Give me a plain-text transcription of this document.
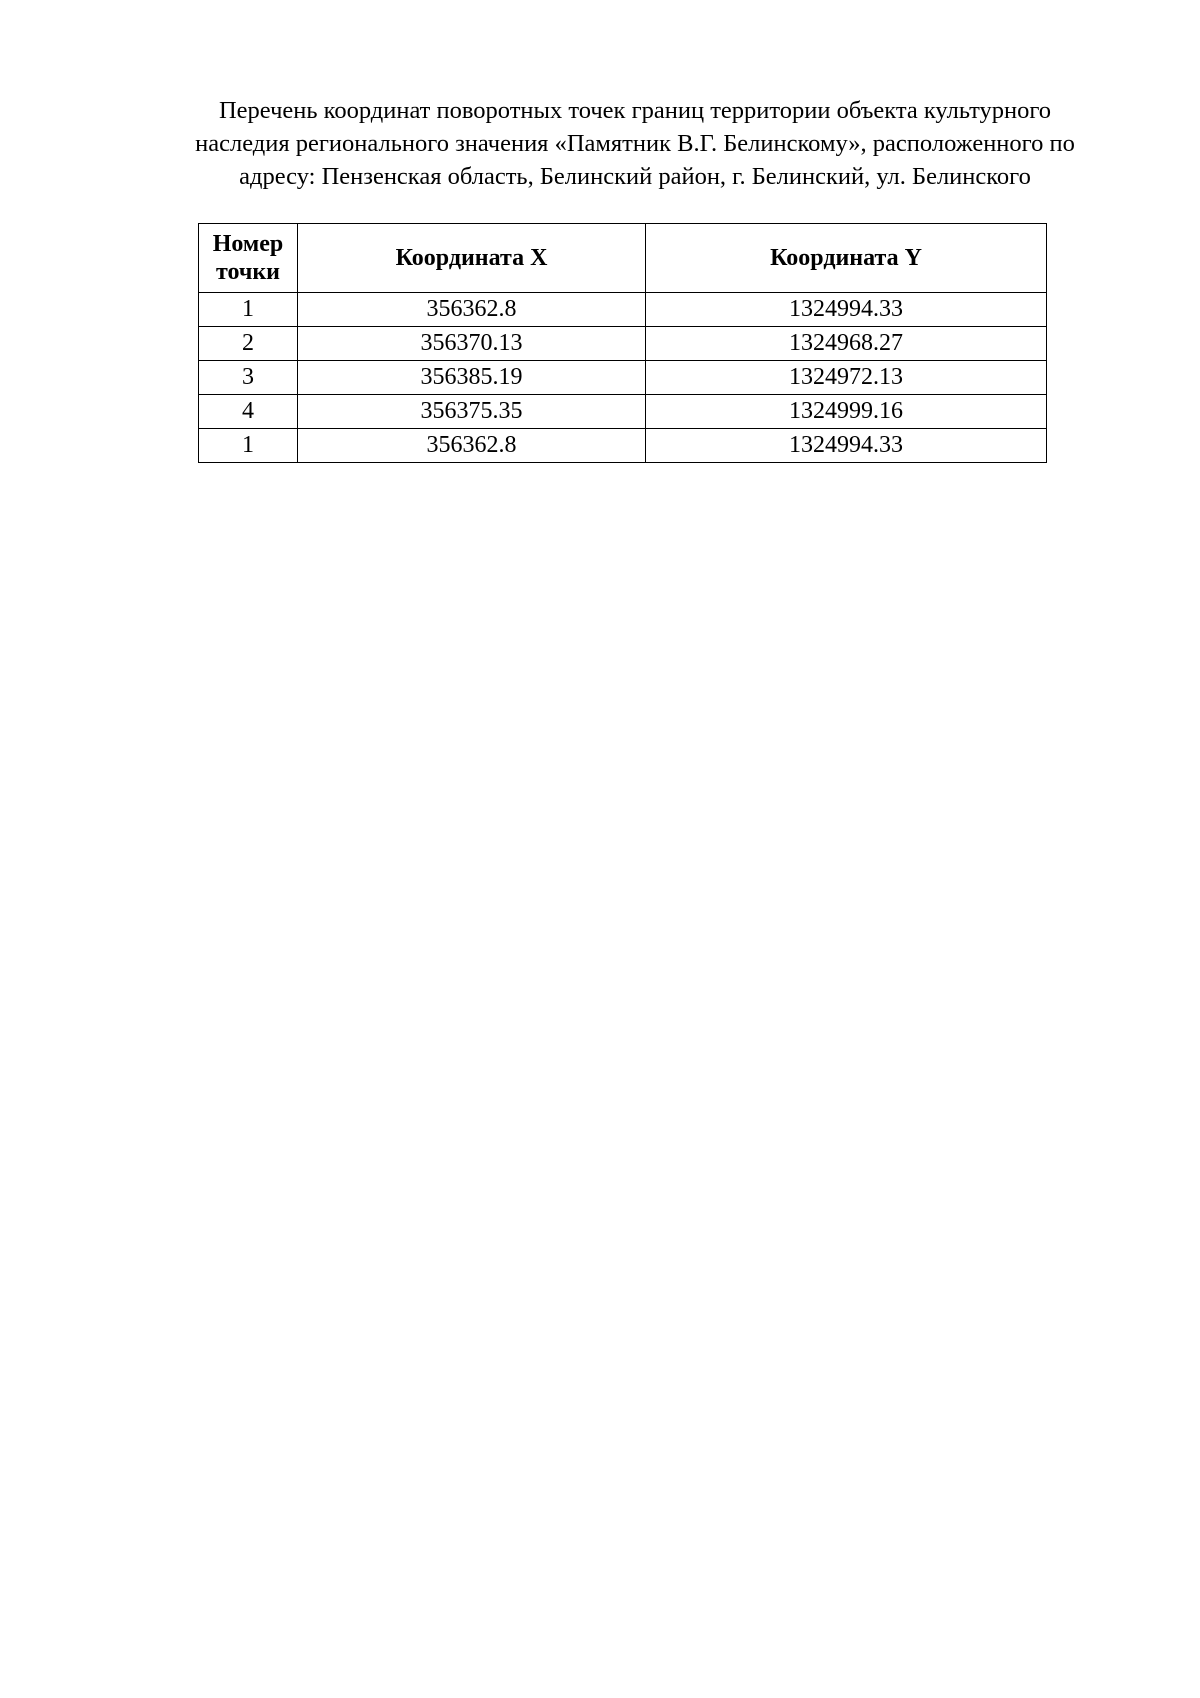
Перечень координат поворотных точек границ территории объекта культурного
наследия регионального значения «Памятник В.Г. Белинскому», расположенного по
адресу: Пензенская область, Белинский район, г. Белинский, ул. Белинского
Номер
точки	Координата X	Координата Y
1	356362.8	1324994.33
2	356370.13	1324968.27
3	356385.19	1324972.13
4	356375.35	1324999.16
1	356362.8	1324994.33
